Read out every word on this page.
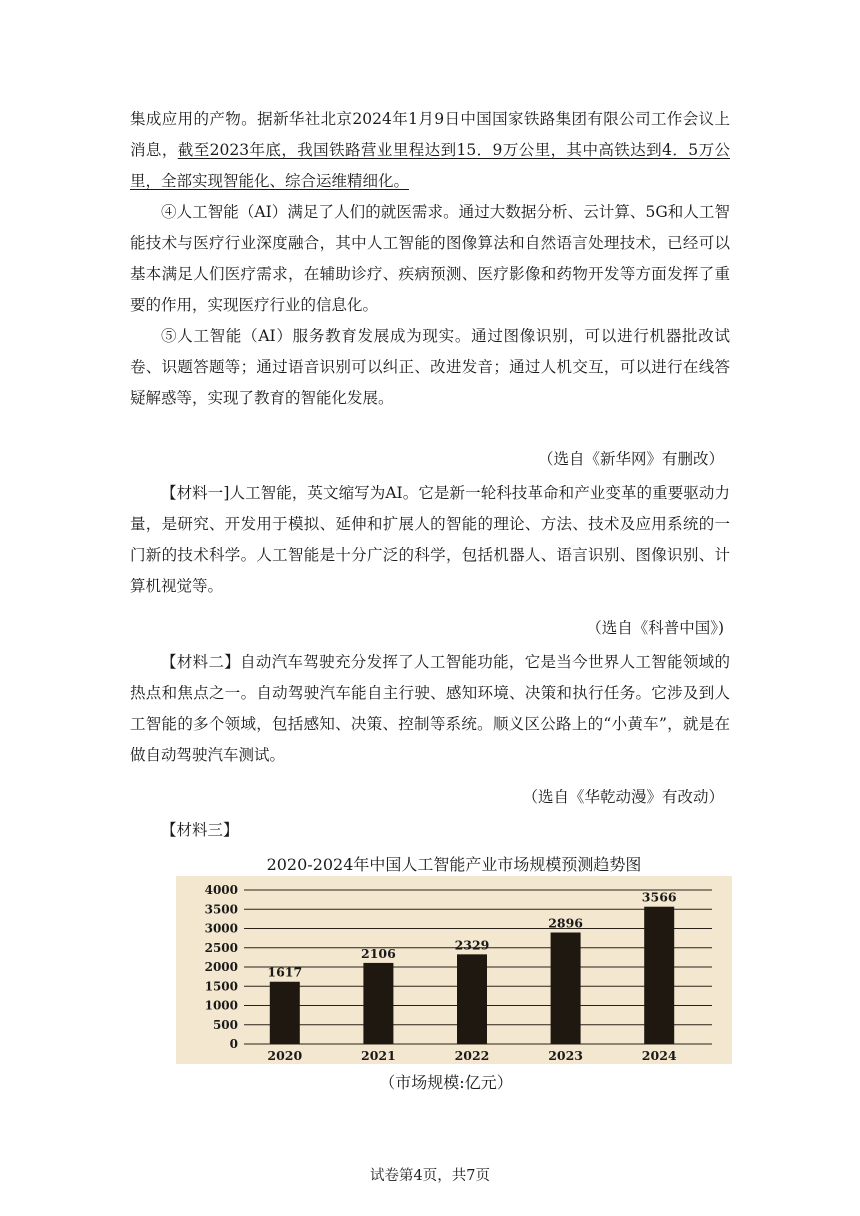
集成应用的产物。据新华社北京2024年1月9日中国国家铁路集团有限公司工作会议上消息，截至2023年底，我国铁路营业里程达到15．9万公里，其中高铁达到4．5万公里，全部实现智能化、综合运维精细化。

④人工智能（AI）满足了人们的就医需求。通过大数据分析、云计算、5G和人工智能技术与医疗行业深度融合，其中人工智能的图像算法和自然语言处理技术，已经可以基本满足人们医疗需求，在辅助诊疗、疾病预测、医疗影像和药物开发等方面发挥了重要的作用，实现医疗行业的信息化。

⑤人工智能（AI）服务教育发展成为现实。通过图像识别，可以进行机器批改试卷、识题答题等；通过语音识别可以纠正、改进发音；通过人机交互，可以进行在线答疑解惑等，实现了教育的智能化发展。

（选自《新华网》有删改）

【材料一]人工智能，英文缩写为AI。它是新一轮科技革命和产业变革的重要驱动力量，是研究、开发用于模拟、延伸和扩展人的智能的理论、方法、技术及应用系统的一门新的技术科学。人工智能是十分广泛的科学，包括机器人、语言识别、图像识别、计算机视觉等。

（选自《科普中国》)

【材料二】自动汽车驾驶充分发挥了人工智能功能，它是当今世界人工智能领域的热点和焦点之一。自动驾驶汽车能自主行驶、感知环境、决策和执行任务。它涉及到人工智能的多个领域，包括感知、决策、控制等系统。顺义区公路上的“小黄车”，就是在做自动驾驶汽车测试。

（选自《华乾动漫》有改动）

【材料三】

2020-2024年中国人工智能产业市场规模预测趋势图
0
500
1000
1500
2000
2500
3000
3500
4000
1617
2020
2106
2021
2329
2022
2896
2023
3566
2024
（市场规模:亿元）
试卷第4页，共7页
